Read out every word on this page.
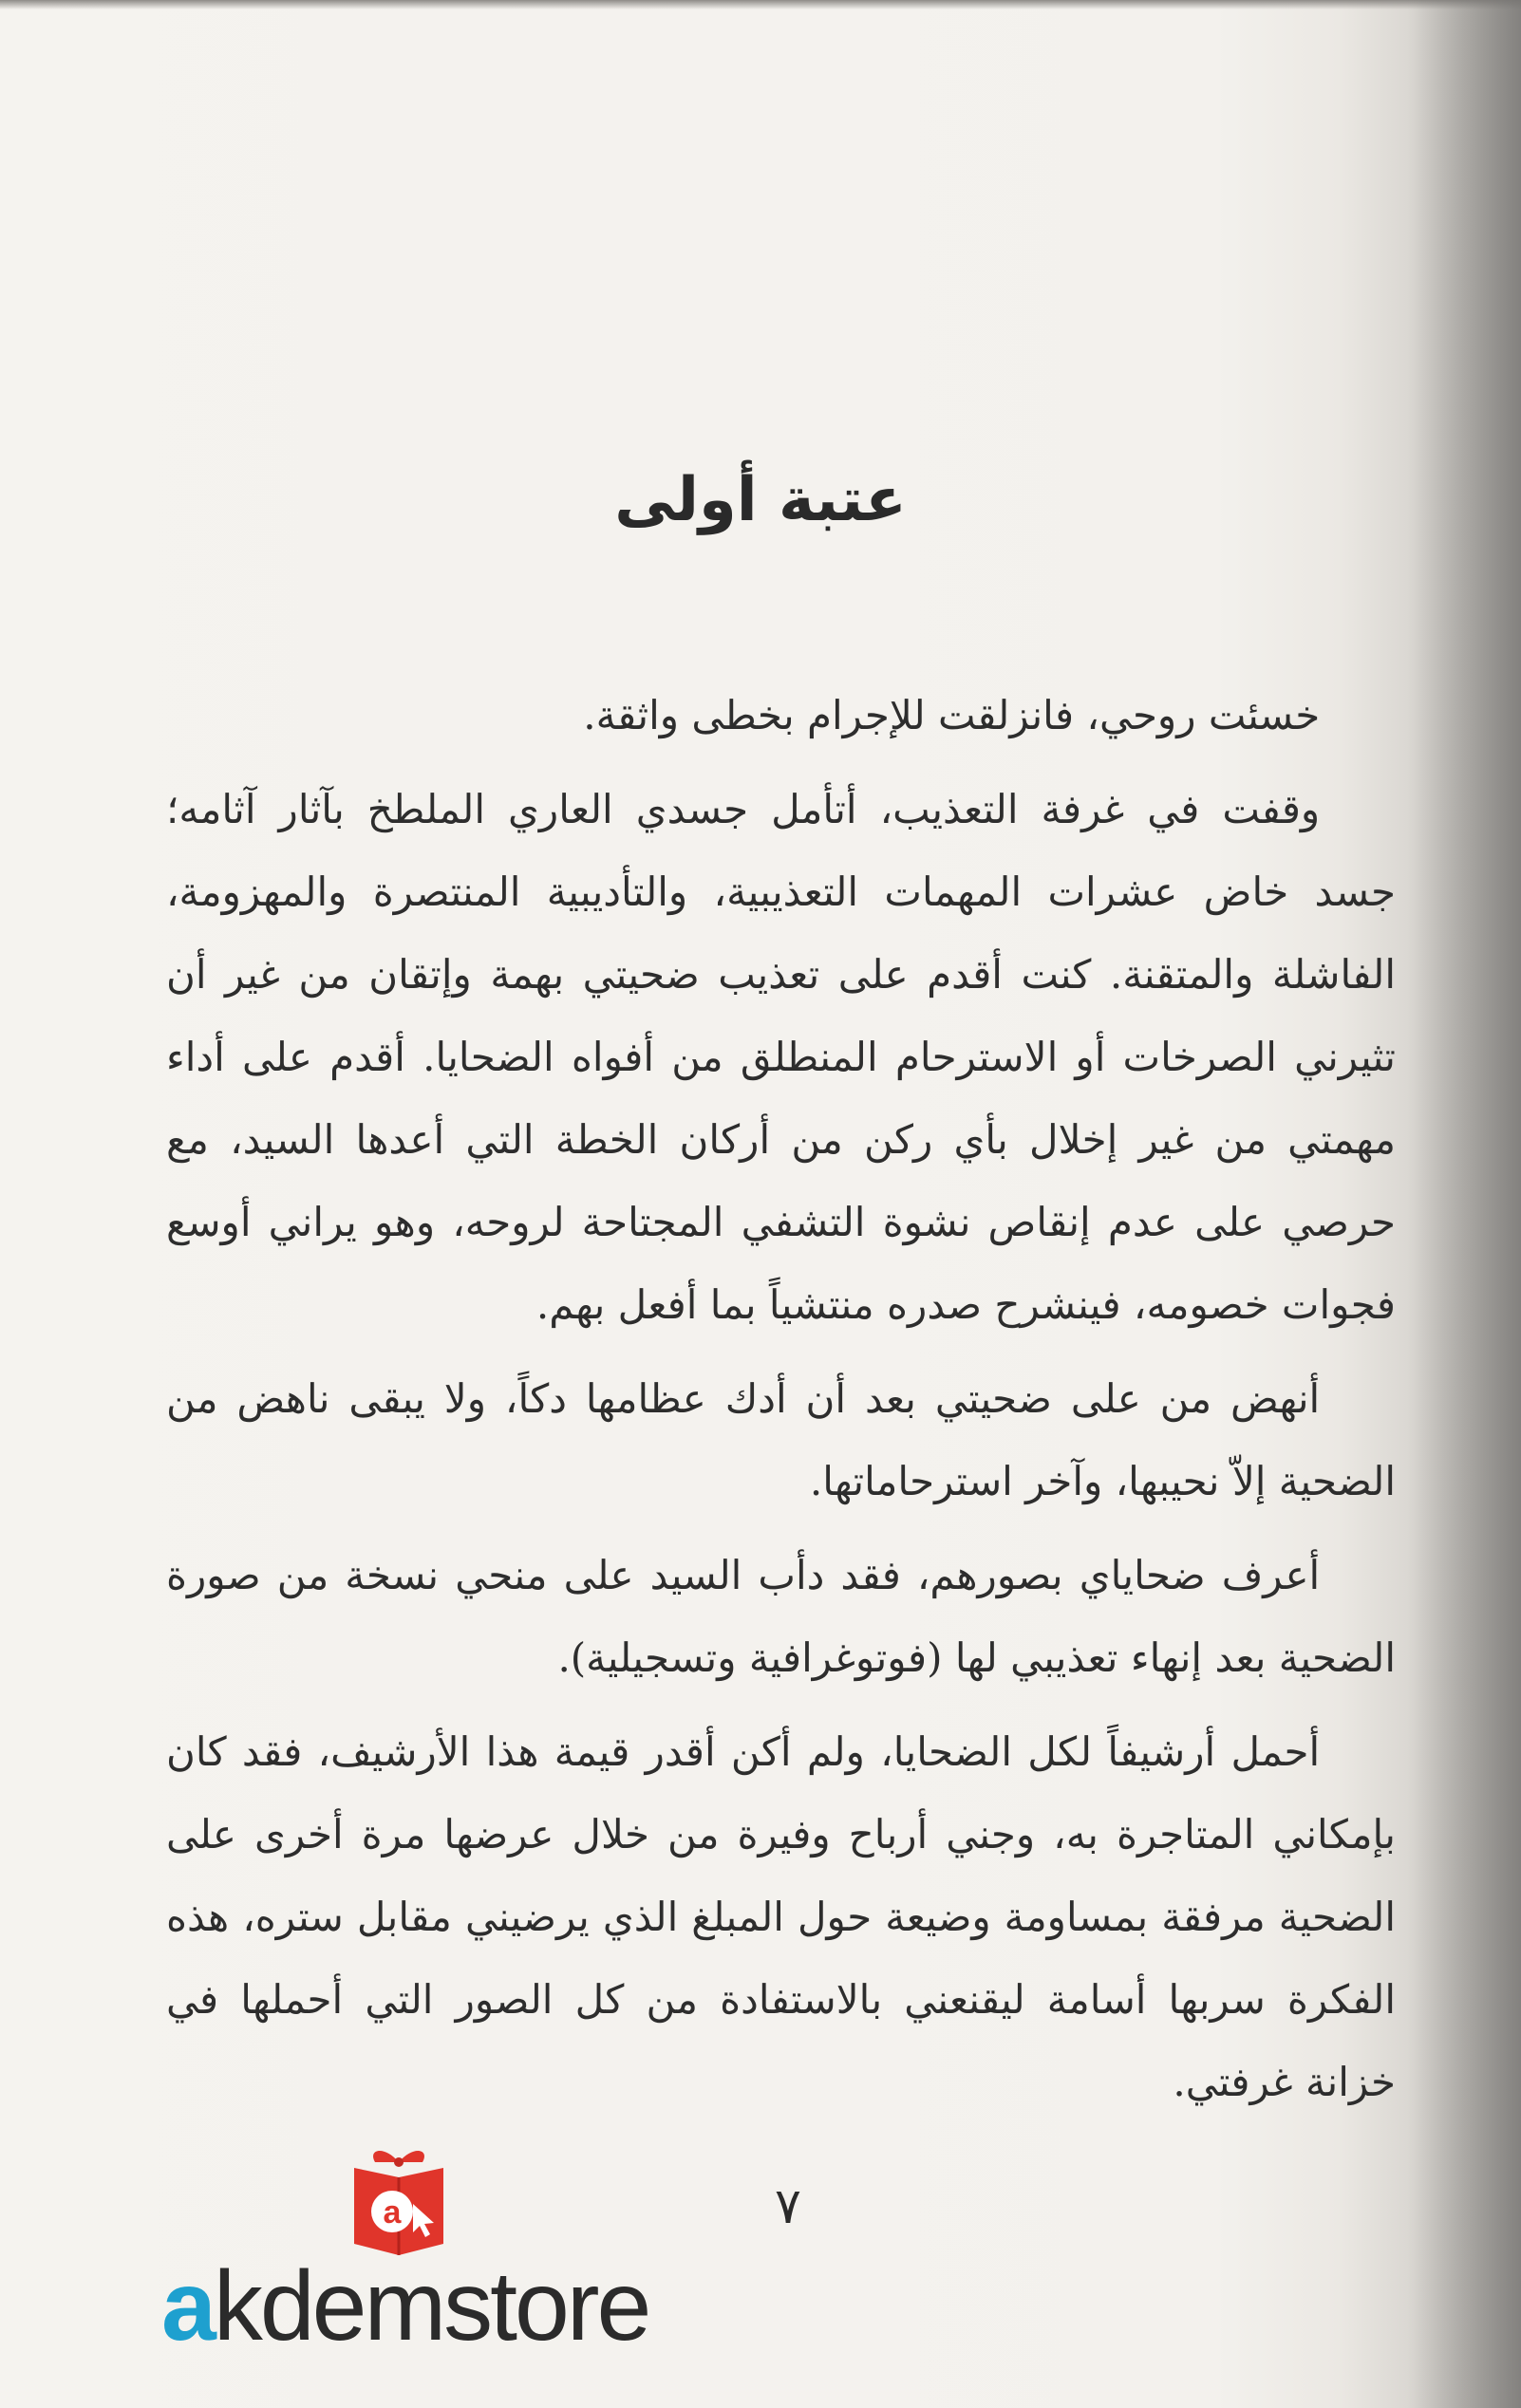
عتبة أولى

خسئت روحي، فانزلقت للإجرام بخطى واثقة.

وقفت في غرفة التعذيب، أتأمل جسدي العاري الملطخ بآثار آثامه؛ جسد خاض عشرات المهمات التعذيبية، والتأديبية المنتصرة والمهزومة، الفاشلة والمتقنة. كنت أقدم على تعذيب ضحيتي بهمة وإتقان من غير أن تثيرني الصرخات أو الاسترحام المنطلق من أفواه الضحايا. أقدم على أداء مهمتي من غير إخلال بأي ركن من أركان الخطة التي أعدها السيد، مع حرصي على عدم إنقاص نشوة التشفي المجتاحة لروحه، وهو يراني أوسع فجوات خصومه، فينشرح صدره منتشياً بما أفعل بهم.

أنهض من على ضحيتي بعد أن أدك عظامها دكاً، ولا يبقى ناهض من الضحية إلاّ نحيبها، وآخر استرحاماتها.

أعرف ضحاياي بصورهم، فقد دأب السيد على منحي نسخة من صورة الضحية بعد إنهاء تعذيبي لها (فوتوغرافية وتسجيلية).

أحمل أرشيفاً لكل الضحايا، ولم أكن أقدر قيمة هذا الأرشيف، فقد كان بإمكاني المتاجرة به، وجني أرباح وفيرة من خلال عرضها مرة أخرى على الضحية مرفقة بمساومة وضيعة حول المبلغ الذي يرضيني مقابل ستره، هذه الفكرة سربها أسامة ليقنعني بالاستفادة من كل الصور التي أحملها في خزانة غرفتي.

٧
a
akdemstore
